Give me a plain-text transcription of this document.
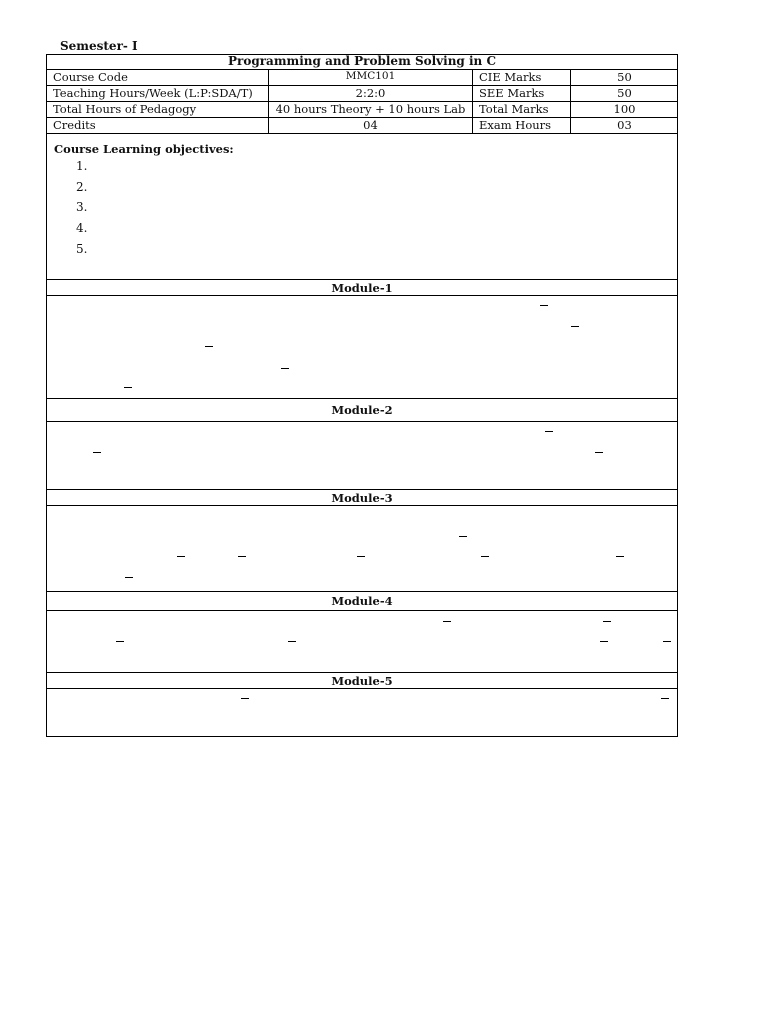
Semester- I
Programming and Problem Solving in C
Course Code	MMC101	CIE Marks	50
Teaching Hours/Week (L:P:SDA/T)	2:2:0	SEE Marks	50
Total Hours of Pedagogy	40 hours Theory + 10 hours Lab	Total Marks	100
Credits	04	Exam Hours	03
Course Learning objectives:
1.
2.
3.
4.
5.
Module-1
Module-2
Module-3
Module-4
Module-5
